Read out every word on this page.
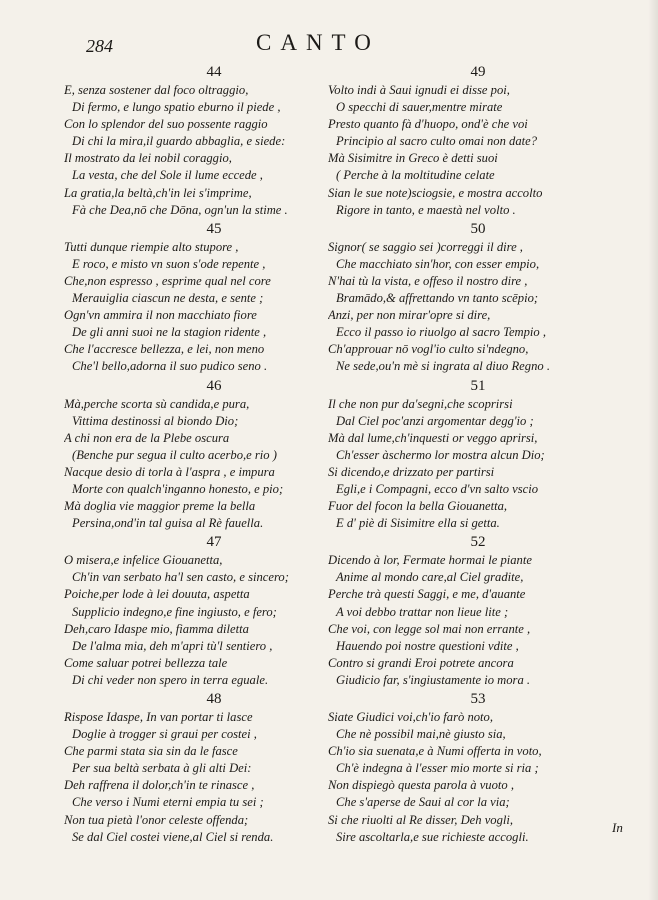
284	CANTO
44
E, senza sostener dal foco oltraggio,
Di fermo, e lungo spatio eburno il piede ,
Con lo splendor del suo possente raggio
Di chi la mira,il guardo abbaglia, e siede:
Il mostrato da lei nobil coraggio,
La vesta, che del Sole il lume eccede ,
La gratia,la beltà,ch'in lei s'imprime,
Fà che Dea,nō che Dōna, ogn'un la stime .
45
Tutti dunque riempie alto stupore ,
E roco, e misto vn suon s'ode repente ,
Che,non espresso , esprime qual nel core
Merauiglia ciascun ne desta, e sente ;
Ogn'vn ammira il non macchiato fiore
De gli anni suoi ne la stagion ridente ,
Che l'accresce bellezza, e lei, non meno
Che'l bello,adorna il suo pudico seno .
46
Mà,perche scorta sù candida,e pura,
Vittima destinossi al biondo Dio;
A chi non era de la Plebe oscura
(Benche pur segua il culto acerbo,e rio )
Nacque desio di torla à l'aspra , e impura
Morte con qualch'inganno honesto, e pio;
Mà doglia vie maggior preme la bella
Persina,ond'in tal guisa al Rè fauella.
47
O misera,e infelice Giouanetta,
Ch'in van serbato ha'l sen casto, e sincero;
Poiche,per lode à lei douuta, aspetta
Supplicio indegno,e fine ingiusto, e fero;
Deh,caro Idaspe mio, fiamma diletta
De l'alma mia, deh m'apri tù'l sentiero ,
Come saluar potrei bellezza tale
Di chi veder non spero in terra eguale.
48
Rispose Idaspe, In van portar ti lasce
Doglie à trogger si graui per costei ,
Che parmi stata sia sin da le fasce
Per sua beltà serbata à gli alti Dei:
Deh raffrena il dolor,ch'in te rinasce ,
Che verso i Numi eterni empia tu sei ;
Non tua pietà l'onor celeste offenda;
Se dal Ciel costei viene,al Ciel si renda.
49
Volto indi à Saui ignudi ei disse poi,
O specchi di sauer,mentre mirate
Presto quanto fà d'huopo, ond'è che voi
Principio al sacro culto omai non date?
Mà Sisimitre in Greco è detti suoi
( Perche à la moltitudine celate
Sian le sue note)sciogsie, e mostra accolto
Rigore in tanto, e maestà nel volto .
50
Signor( se saggio sei )correggi il dire ,
Che macchiato sin'hor, con esser empio,
N'hai tù la vista, e offeso il nostro dire ,
Bramādo,& affrettando vn tanto scēpio;
Anzi, per non mirar'opre si dire,
Ecco il passo io riuolgo al sacro Tempio ,
Ch'approuar nō vogl'io culto si'ndegno,
Ne sede,ou'n mè si ingrata al diuo Regno .
51
Il che non pur da'segni,che scoprirsi
Dal Ciel poc'anzi argomentar degg'io ;
Mà dal lume,ch'inquesti or veggo aprirsi,
Ch'esser àschermo lor mostra alcun Dio;
Si dicendo,e drizzato per partirsi
Egli,e i Compagni, ecco d'vn salto vscio
Fuor del focon la bella Giouanetta,
E d' piè di Sisimitre ella si getta.
52
Dicendo à lor, Fermate hormai le piante
Anime al mondo care,al Ciel gradite,
Perche trà questi Saggi, e me, d'auante
A voi debbo trattar non lieue lite ;
Che voi, con legge sol mai non errante ,
Hauendo poi nostre questioni vdite ,
Contro si grandi Eroi potrete ancora
Giudicio far, s'ingiustamente io mora .
53
Siate Giudici voi,ch'io farò noto,
Che nè possibil mai,nè giusto sia,
Ch'io sia suenata,e à Numi offerta in voto,
Ch'è indegna à l'esser mio morte si ria ;
Non dispiegò questa parola à vuoto ,
Che s'aperse de Saui al cor la via;
Si che riuolti al Re disser, Deh vogli,
Sire ascoltarla,e sue richieste accogli.
In
